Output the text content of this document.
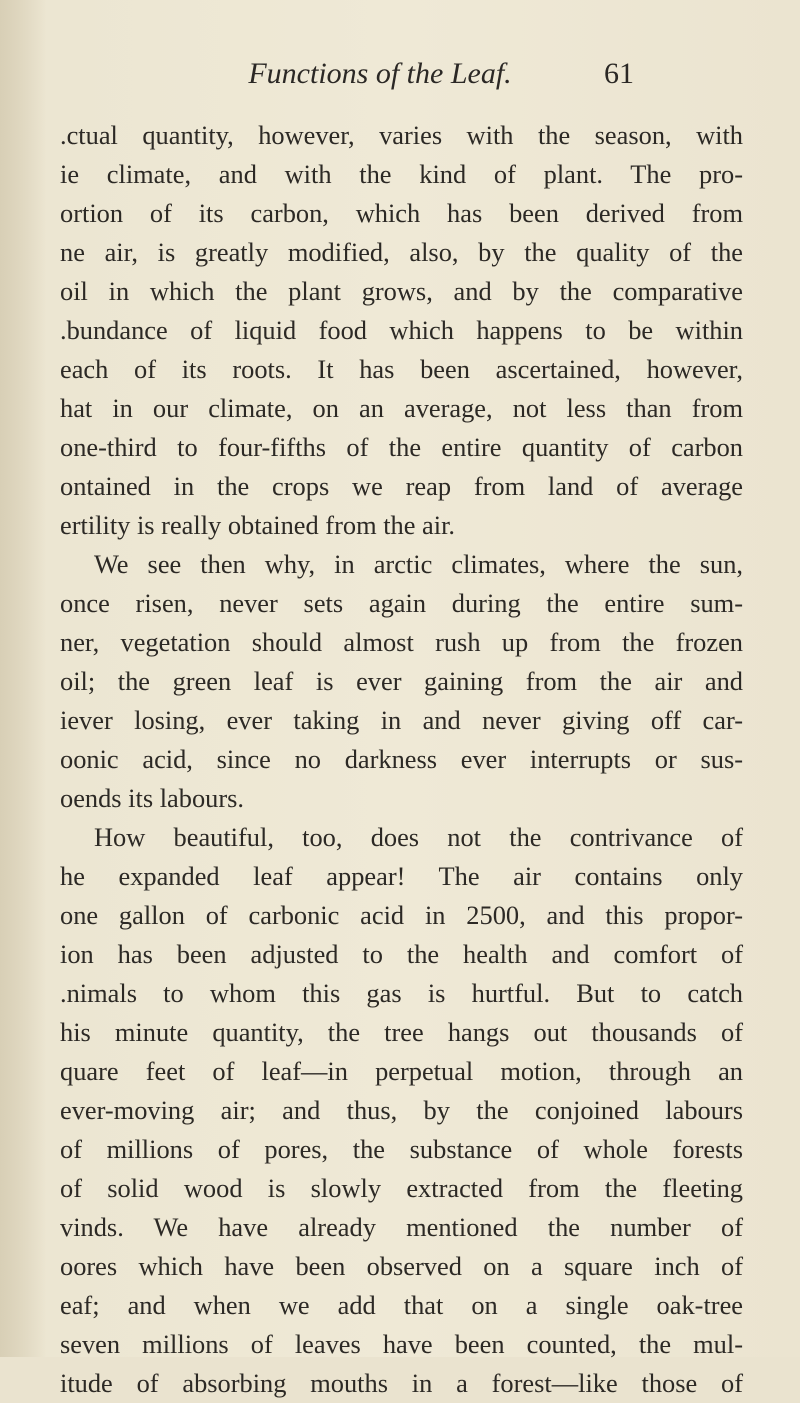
Functions of the Leaf.	61
.ctual quantity, however, varies with the season, with
ie climate, and with the kind of plant. The pro-
ortion of its carbon, which has been derived from
ne air, is greatly modified, also, by the quality of the
oil in which the plant grows, and by the comparative
.bundance of liquid food which happens to be within
each of its roots. It has been ascertained, however,
hat in our climate, on an average, not less than from
one-third to four-fifths of the entire quantity of carbon
ontained in the crops we reap from land of average
ertility is really obtained from the air.
We see then why, in arctic climates, where the sun,
once risen, never sets again during the entire sum-
ner, vegetation should almost rush up from the frozen
oil; the green leaf is ever gaining from the air and
iever losing, ever taking in and never giving off car-
oonic acid, since no darkness ever interrupts or sus-
oends its labours.
How beautiful, too, does not the contrivance of
he expanded leaf appear! The air contains only
one gallon of carbonic acid in 2500, and this propor-
ion has been adjusted to the health and comfort of
.nimals to whom this gas is hurtful. But to catch
his minute quantity, the tree hangs out thousands of
quare feet of leaf—in perpetual motion, through an
ever-moving air; and thus, by the conjoined labours
of millions of pores, the substance of whole forests
of solid wood is slowly extracted from the fleeting
vinds. We have already mentioned the number of
oores which have been observed on a square inch of
eaf; and when we add that on a single oak-tree
seven millions of leaves have been counted, the mul-
itude of absorbing mouths in a forest—like those of
